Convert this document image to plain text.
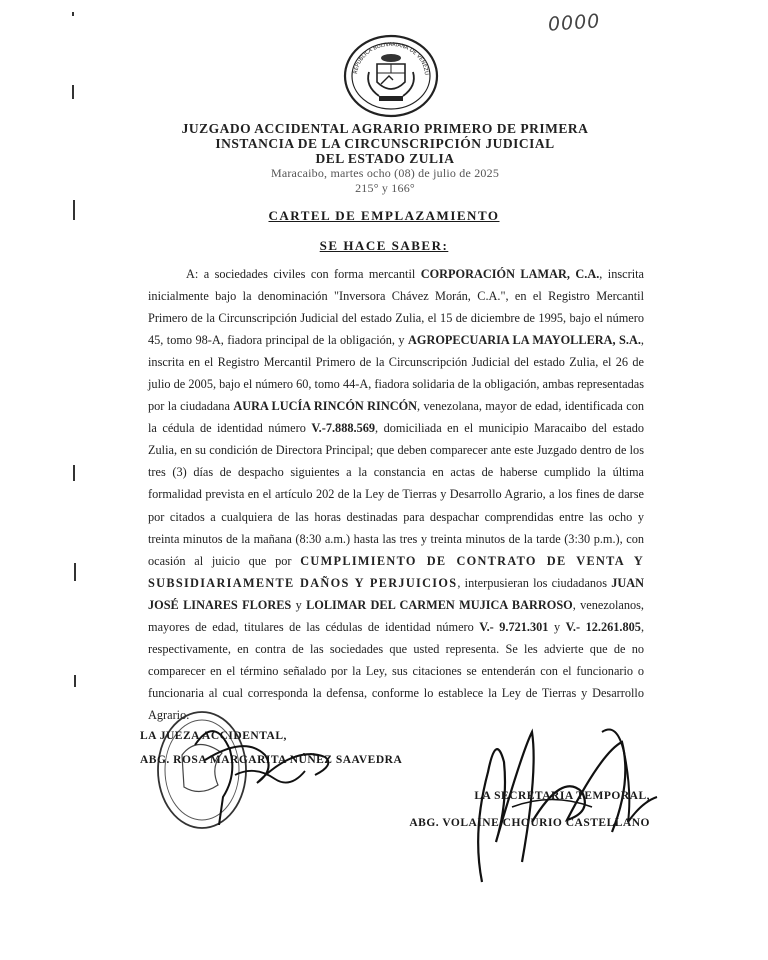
0000
REPÚBLICA BOLIVARIANA DE VENEZU
JUZGADO ACCIDENTAL AGRARIO PRIMERO DE PRIMERA
INSTANCIA DE LA CIRCUNSCRIPCIÓN JUDICIAL
DEL ESTADO ZULIA
Maracaibo, martes ocho (08) de julio de 2025
215° y 166°
CARTEL DE EMPLAZAMIENTO
SE HACE SABER:

A: a sociedades civiles con forma mercantil CORPORACIÓN LAMAR, C.A., inscrita inicialmente bajo la denominación "Inversora Chávez Morán, C.A.", en el Registro Mercantil Primero de la Circunscripción Judicial del estado Zulia, el 15 de diciembre de 1995, bajo el número 45, tomo 98-A, fiadora principal de la obligación, y AGROPECUARIA LA MAYOLLERA, S.A., inscrita en el Registro Mercantil Primero de la Circunscripción Judicial del estado Zulia, el 26 de julio de 2005, bajo el número 60, tomo 44-A, fiadora solidaria de la obligación, ambas representadas por la ciudadana AURA LUCÍA RINCÓN RINCÓN, venezolana, mayor de edad, identificada con la cédula de identidad número V.-7.888.569, domiciliada en el municipio Maracaibo del estado Zulia, en su condición de Directora Principal; que deben comparecer ante este Juzgado dentro de los tres (3) días de despacho siguientes a la constancia en actas de haberse cumplido la última formalidad prevista en el artículo 202 de la Ley de Tierras y Desarrollo Agrario, a los fines de darse por citados a cualquiera de las horas destinadas para despachar comprendidas entre las ocho y treinta minutos de la mañana (8:30 a.m.) hasta las tres y treinta minutos de la tarde (3:30 p.m.), con ocasión al juicio que por CUMPLIMIENTO DE CONTRATO DE VENTA Y SUBSIDIARIAMENTE DAÑOS Y PERJUICIOS, interpusieran los ciudadanos JUAN JOSÉ LINARES FLORES y LOLIMAR DEL CARMEN MUJICA BARROSO, venezolanos, mayores de edad, titulares de las cédulas de identidad número V.- 9.721.301 y V.- 12.261.805, respectivamente, en contra de las sociedades que usted representa. Se les advierte que de no comparecer en el término señalado por la Ley, sus citaciones se entenderán con el funcionario o funcionaria al cual corresponda la defensa, conforme lo establece la Ley de Tierras y Desarrollo Agrario.

LA JUEZA ACCIDENTAL,
ABG. ROSA MARGARITA NÚÑEZ SAAVEDRA
LA SECRETARIA TEMPORAL,
ABG. VOLAINE CHOURIO CASTELLANO
